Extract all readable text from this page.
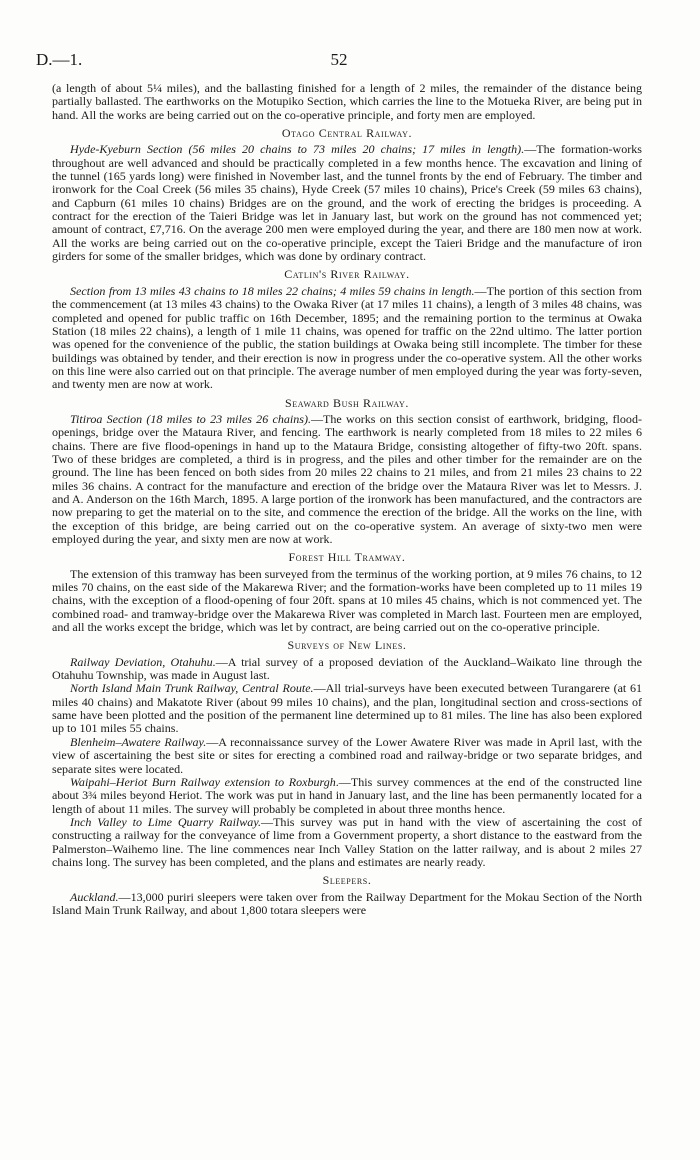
D.—1.	52

(a length of about 5¼ miles), and the ballasting finished for a length of 2 miles, the remainder of the distance being partially ballasted. The earthworks on the Motupiko Section, which carries the line to the Motueka River, are being put in hand. All the works are being carried out on the co-operative principle, and forty men are employed.

Otago Central Railway.

Hyde-Kyeburn Section (56 miles 20 chains to 73 miles 20 chains; 17 miles in length).—The formation-works throughout are well advanced and should be practically completed in a few months hence. The excavation and lining of the tunnel (165 yards long) were finished in November last, and the tunnel fronts by the end of February. The timber and ironwork for the Coal Creek (56 miles 35 chains), Hyde Creek (57 miles 10 chains), Price's Creek (59 miles 63 chains), and Capburn (61 miles 10 chains) Bridges are on the ground, and the work of erecting the bridges is proceeding. A contract for the erection of the Taieri Bridge was let in January last, but work on the ground has not commenced yet; amount of contract, £7,716. On the average 200 men were employed during the year, and there are 180 men now at work. All the works are being carried out on the co-operative principle, except the Taieri Bridge and the manufacture of iron girders for some of the smaller bridges, which was done by ordinary contract.

Catlin's River Railway.

Section from 13 miles 43 chains to 18 miles 22 chains; 4 miles 59 chains in length.—The portion of this section from the commencement (at 13 miles 43 chains) to the Owaka River (at 17 miles 11 chains), a length of 3 miles 48 chains, was completed and opened for public traffic on 16th December, 1895; and the remaining portion to the terminus at Owaka Station (18 miles 22 chains), a length of 1 mile 11 chains, was opened for traffic on the 22nd ultimo. The latter portion was opened for the convenience of the public, the station buildings at Owaka being still incomplete. The timber for these buildings was obtained by tender, and their erection is now in progress under the co-operative system. All the other works on this line were also carried out on that principle. The average number of men employed during the year was forty-seven, and twenty men are now at work.

Seaward Bush Railway.

Titiroa Section (18 miles to 23 miles 26 chains).—The works on this section consist of earthwork, bridging, flood-openings, bridge over the Mataura River, and fencing. The earthwork is nearly completed from 18 miles to 22 miles 6 chains. There are five flood-openings in hand up to the Mataura Bridge, consisting altogether of fifty-two 20ft. spans. Two of these bridges are completed, a third is in progress, and the piles and other timber for the remainder are on the ground. The line has been fenced on both sides from 20 miles 22 chains to 21 miles, and from 21 miles 23 chains to 22 miles 36 chains. A contract for the manufacture and erection of the bridge over the Mataura River was let to Messrs. J. and A. Anderson on the 16th March, 1895. A large portion of the ironwork has been manufactured, and the contractors are now preparing to get the material on to the site, and commence the erection of the bridge. All the works on the line, with the exception of this bridge, are being carried out on the co-operative system. An average of sixty-two men were employed during the year, and sixty men are now at work.

Forest Hill Tramway.

The extension of this tramway has been surveyed from the terminus of the working portion, at 9 miles 76 chains, to 12 miles 70 chains, on the east side of the Makarewa River; and the formation-works have been completed up to 11 miles 19 chains, with the exception of a flood-opening of four 20ft. spans at 10 miles 45 chains, which is not commenced yet. The combined road- and tramway-bridge over the Makarewa River was completed in March last. Fourteen men are employed, and all the works except the bridge, which was let by contract, are being carried out on the co-operative principle.

Surveys of New Lines.

Railway Deviation, Otahuhu.—A trial survey of a proposed deviation of the Auckland–Waikato line through the Otahuhu Township, was made in August last.

North Island Main Trunk Railway, Central Route.—All trial-surveys have been executed between Turangarere (at 61 miles 40 chains) and Makatote River (about 99 miles 10 chains), and the plan, longitudinal section and cross-sections of same have been plotted and the position of the permanent line determined up to 81 miles. The line has also been explored up to 101 miles 55 chains.

Blenheim–Awatere Railway.—A reconnaissance survey of the Lower Awatere River was made in April last, with the view of ascertaining the best site or sites for erecting a combined road and railway-bridge or two separate bridges, and separate sites were located.

Waipahi–Heriot Burn Railway extension to Roxburgh.—This survey commences at the end of the constructed line about 3¾ miles beyond Heriot. The work was put in hand in January last, and the line has been permanently located for a length of about 11 miles. The survey will probably be completed in about three months hence.

Inch Valley to Lime Quarry Railway.—This survey was put in hand with the view of ascertaining the cost of constructing a railway for the conveyance of lime from a Government property, a short distance to the eastward from the Palmerston–Waihemo line. The line commences near Inch Valley Station on the latter railway, and is about 2 miles 27 chains long. The survey has been completed, and the plans and estimates are nearly ready.

Sleepers.

Auckland.—13,000 puriri sleepers were taken over from the Railway Department for the Mokau Section of the North Island Main Trunk Railway, and about 1,800 totara sleepers were
